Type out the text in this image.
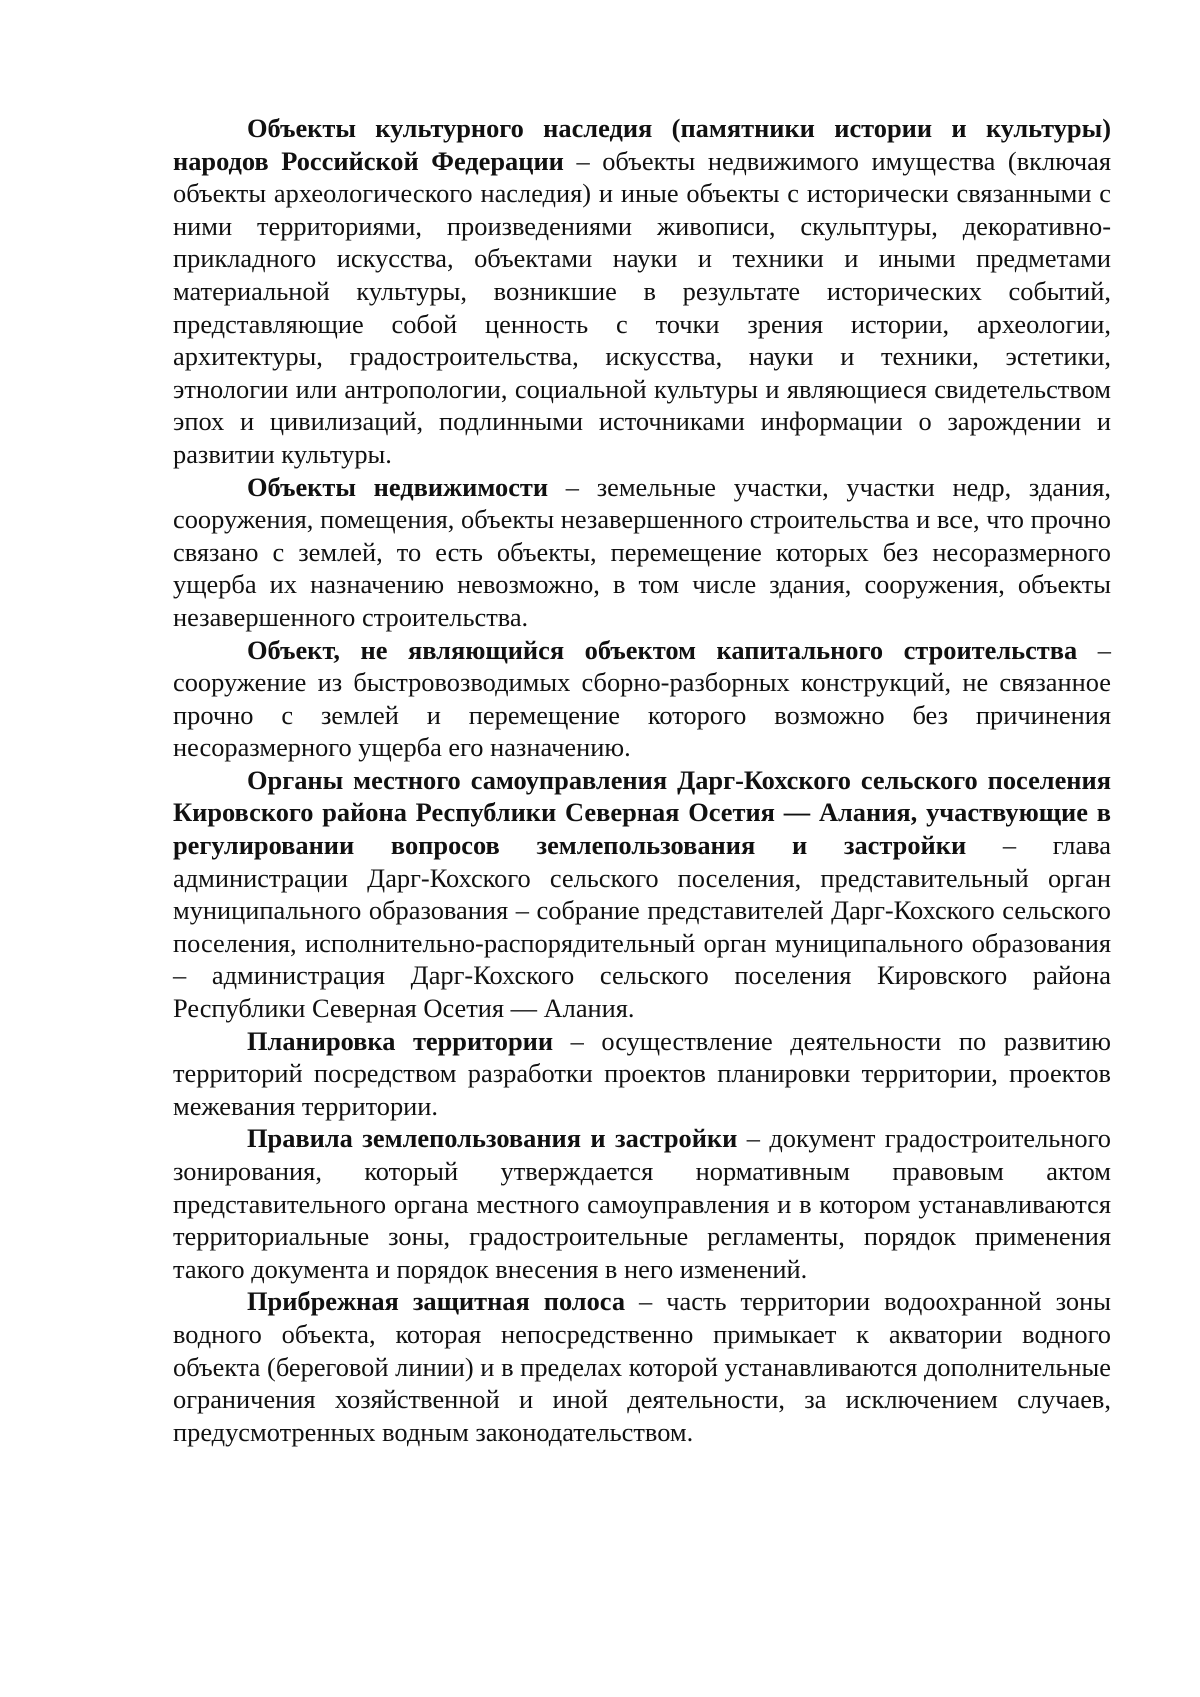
Объекты культурного наследия (памятники истории и культуры) народов Российской Федерации – объекты недвижимого имущества (включая объекты археологического наследия) и иные объекты с исторически связанными с ними территориями, произведениями живописи, скульптуры, декоративно-прикладного искусства, объектами науки и техники и иными предметами материальной культуры, возникшие в результате исторических событий, представляющие собой ценность с точки зрения истории, археологии, архитектуры, градостроительства, искусства, науки и техники, эстетики, этнологии или антропологии, социальной культуры и являющиеся свидетельством эпох и цивилизаций, подлинными источниками информации о зарождении и развитии культуры.

Объекты недвижимости – земельные участки, участки недр, здания, сооружения, помещения, объекты незавершенного строительства и все, что прочно связано с землей, то есть объекты, перемещение которых без несоразмерного ущерба их назначению невозможно, в том числе здания, сооружения, объекты незавершенного строительства.

Объект, не являющийся объектом капитального строительства – сооружение из быстровозводимых сборно-разборных конструкций, не связанное прочно с землей и перемещение которого возможно без причинения несоразмерного ущерба его назначению.

Органы местного самоуправления Дарг-Кохского сельского поселения Кировского района Республики Северная Осетия — Алания, участвующие в регулировании вопросов землепользования и застройки – глава администрации Дарг-Кохского сельского поселения, представительный орган муниципального образования – собрание представителей Дарг-Кохского сельского поселения, исполнительно-распорядительный орган муниципального образования – администрация Дарг-Кохского сельского поселения Кировского района Республики Северная Осетия — Алания.

Планировка территории – осуществление деятельности по развитию территорий посредством разработки проектов планировки территории, проектов межевания территории.

Правила землепользования и застройки – документ градостроительного зонирования, который утверждается нормативным правовым актом представительного органа местного самоуправления и в котором устанавливаются территориальные зоны, градостроительные регламенты, порядок применения такого документа и порядок внесения в него изменений.

Прибрежная защитная полоса – часть территории водоохранной зоны водного объекта, которая непосредственно примыкает к акватории водного объекта (береговой линии) и в пределах которой устанавливаются дополнительные ограничения хозяйственной и иной деятельности, за исключением случаев, предусмотренных водным законодательством.
